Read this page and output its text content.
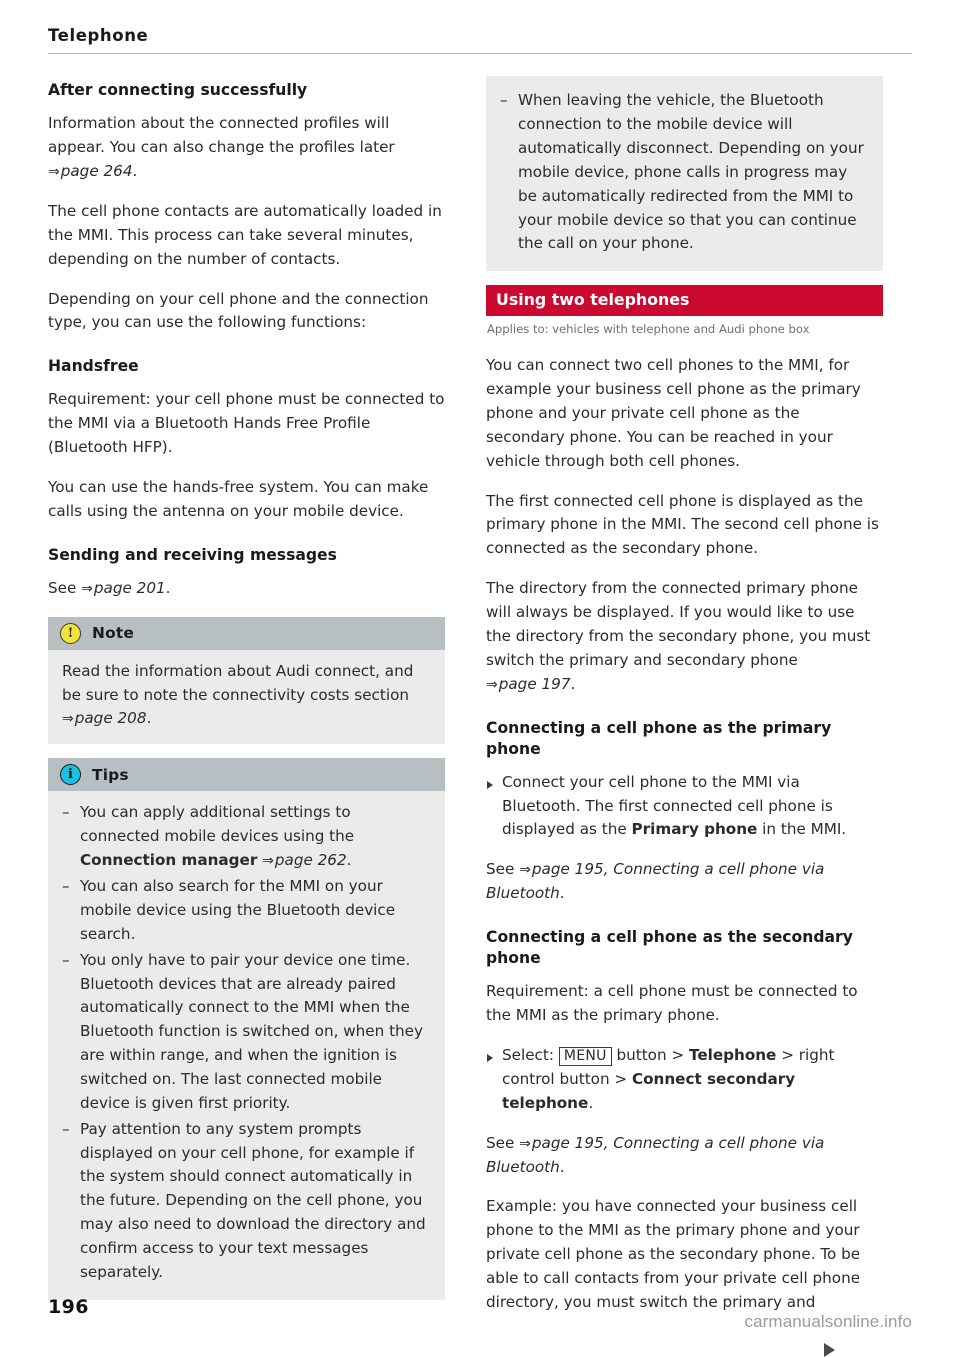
Telephone
After connecting successfully

Information about the connected profiles will appear. You can also change the profiles later ⇒page 264.

The cell phone contacts are automatically loaded in the MMI. This process can take several minutes, depending on the number of contacts.

Depending on your cell phone and the connection type, you can use the following functions:

Handsfree

Requirement: your cell phone must be connected to the MMI via a Bluetooth Hands Free Profile (Bluetooth HFP).

You can use the hands-free system. You can make calls using the antenna on your mobile device.

Sending and receiving messages

See ⇒page 201.

!	Note

Read the information about Audi connect, and be sure to note the connectivity costs section ⇒page 208.

i	Tips
– You can apply additional settings to connected mobile devices using the Connection manager ⇒page 262.
– You can also search for the MMI on your mobile device using the Bluetooth device search.
– You only have to pair your device one time. Bluetooth devices that are already paired automatically connect to the MMI when the Bluetooth function is switched on, when they are within range, and when the ignition is switched on. The last connected mobile device is given first priority.
– Pay attention to any system prompts displayed on your cell phone, for example if the system should connect automatically in the future. Depending on the cell phone, you may also need to download the directory and confirm access to your text messages separately.
– When leaving the vehicle, the Bluetooth connection to the mobile device will automatically disconnect. Depending on your mobile device, phone calls in progress may be automatically redirected from the MMI to your mobile device so that you can continue the call on your phone.
Using two telephones
Applies to: vehicles with telephone and Audi phone box

You can connect two cell phones to the MMI, for example your business cell phone as the primary phone and your private cell phone as the secondary phone. You can be reached in your vehicle through both cell phones.

The first connected cell phone is displayed as the primary phone in the MMI. The second cell phone is connected as the secondary phone.

The directory from the connected primary phone will always be displayed. If you would like to use the directory from the secondary phone, you must switch the primary and secondary phone ⇒page 197.

Connecting a cell phone as the primary phone
Connect your cell phone to the MMI via Bluetooth. The first connected cell phone is displayed as the Primary phone in the MMI.

See ⇒page 195, Connecting a cell phone via Bluetooth.

Connecting a cell phone as the secondary phone

Requirement: a cell phone must be connected to the MMI as the primary phone.

Select: MENU button > Telephone > right control button > Connect secondary telephone.

See ⇒page 195, Connecting a cell phone via Bluetooth.

Example: you have connected your business cell phone to the MMI as the primary phone and your private cell phone as the secondary phone. To be able to call contacts from your private cell phone directory, you must switch the primary and

196
carmanualsonline.info
